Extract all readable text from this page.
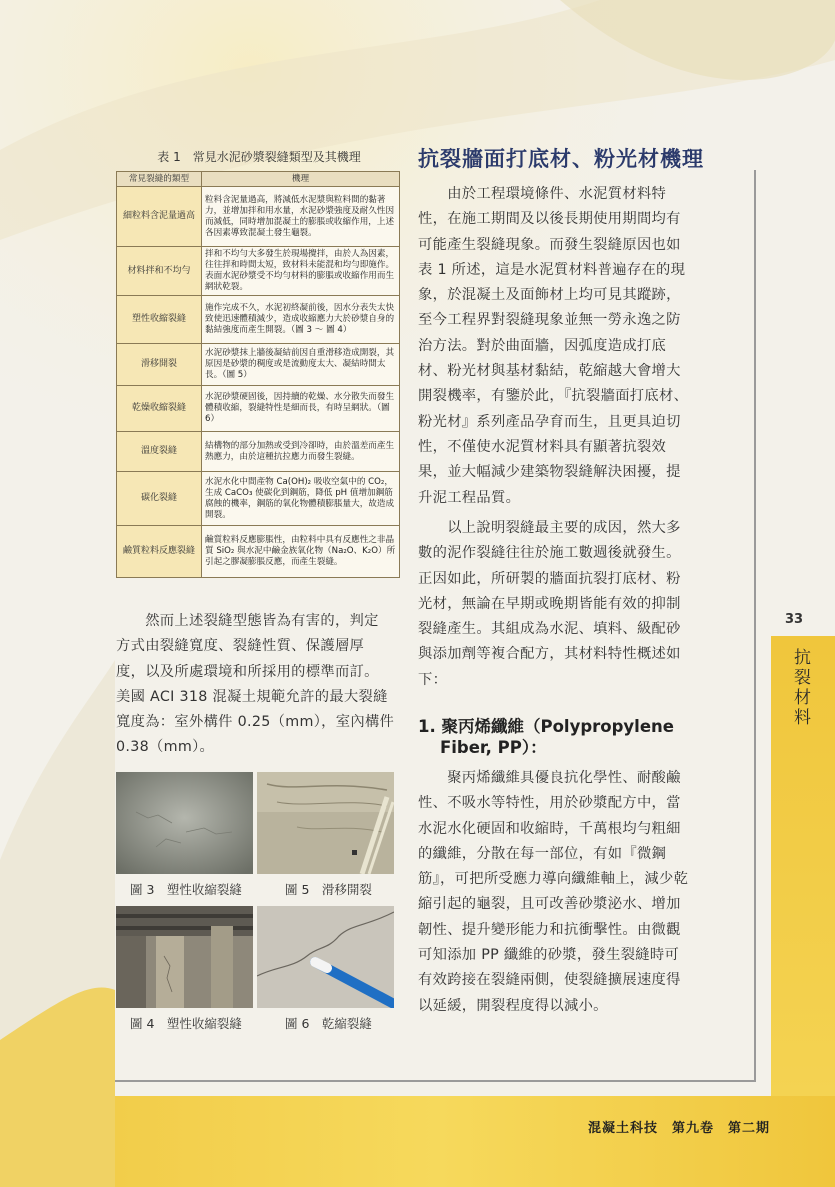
表 1　常見水泥砂漿裂縫類型及其機理
常見裂縫的類型	機理
細粒料含泥量過高	粒料含泥量過高，將減低水泥漿與粒料間的黏著力，並增加拌和用水量，水泥砂漿強度及耐久性因而減低，同時增加混凝土的膨脹或收縮作用，上述各因素導致混凝土發生龜裂。
材料拌和不均勻	拌和不均勻大多發生於現場攪拌，由於人為因素，往往拌和時間太短，致材料未能混和均勻即施作。表面水泥砂漿受不均勻材料的膨脹或收縮作用而生網狀乾裂。
塑性收縮裂縫	施作完成不久，水泥初終凝前後，因水分表失太快致使迅速體積減少，造成收縮應力大於砂漿自身的黏結強度而產生開裂。（圖 3 ～ 圖 4）
滑移開裂	水泥砂漿抹上牆後凝結前因自重滑移造成開裂，其原因是砂漿的稠度或是流動度太大、凝結時間太長。（圖 5）
乾燥收縮裂縫	水泥砂漿硬固後，因持續的乾燥、水分散失而發生體積收縮，裂縫特性是細而長，有時呈網狀。（圖 6）
溫度裂縫	結構物的部分加熱或受到冷卻時，由於溫差而產生熱應力，由於這種抗拉應力而發生裂縫。
碳化裂縫	水泥水化中間產物 Ca(OH)₂ 吸收空氣中的 CO₂，生成 CaCO₃ 使碳化到鋼筋，降低 pH 值增加鋼筋腐蝕的機率，鋼筋的氧化物體積膨脹量大，故造成開裂。
鹼質粒料反應裂縫	鹼質粒料反應膨脹性，由粒料中具有反應性之非晶質 SiO₂ 與水泥中鹼金族氧化物（Na₂O、K₂O）所引起之膠凝膨脹反應，而產生裂縫。
　　然而上述裂縫型態皆為有害的，判定
方式由裂縫寬度、裂縫性質、保護層厚
度，以及所處環境和所採用的標準而訂。
美國 ACI 318 混凝土規範允許的最大裂縫
寬度為：室外構件 0.25（mm），室內構件
0.38（mm）。
圖 3　塑性收縮裂縫	圖 5　滑移開裂
圖 4　塑性收縮裂縫	圖 6　乾縮裂縫
抗裂牆面打底材、粉光材機理
　　由於工程環境條件、水泥質材料特
性，在施工期間及以後長期使用期間均有
可能產生裂縫現象。而發生裂縫原因也如
表 1 所述，這是水泥質材料普遍存在的現
象，於混凝土及面飾材上均可見其蹤跡，
至今工程界對裂縫現象並無一勞永逸之防
治方法。對於曲面牆，因弧度造成打底
材、粉光材與基材黏結，乾縮越大會增大
開裂機率，有鑒於此，『抗裂牆面打底材、
粉光材』系列產品孕育而生，且更具迫切
性，不僅使水泥質材料具有顯著抗裂效
果，並大幅減少建築物裂縫解決困擾，提
升泥工程品質。
　　以上說明裂縫最主要的成因，然大多
數的泥作裂縫往往於施工數週後就發生。
正因如此，所研製的牆面抗裂打底材、粉
光材，無論在早期或晚期皆能有效的抑制
裂縫產生。其組成為水泥、填料、級配砂
與添加劑等複合配方，其材料特性概述如
下：
1. 聚丙烯纖維（Polypropylene
Fiber, PP）：
　　聚丙烯纖維具優良抗化學性、耐酸鹼
性、不吸水等特性，用於砂漿配方中，當
水泥水化硬固和收縮時，千萬根均勻粗細
的纖維，分散在每一部位，有如『微鋼
筋』，可把所受應力導向纖維軸上，減少乾
縮引起的龜裂，且可改善砂漿泌水、增加
韌性、提升變形能力和抗衝擊性。由微觀
可知添加 PP 纖維的砂漿，發生裂縫時可
有效跨接在裂縫兩側，使裂縫擴展速度得
以延緩，開裂程度得以減小。
33
抗裂材料
混凝土科技　第九卷　第二期
